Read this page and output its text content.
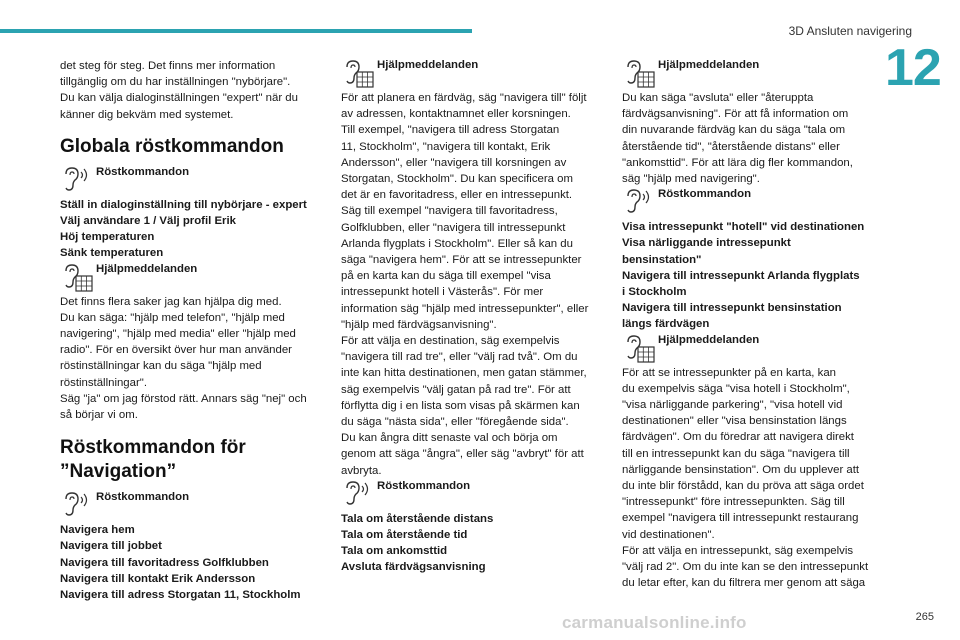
3D Ansluten navigering
12
det steg för steg. Det finns mer information
tillgänglig om du har inställningen "nybörjare".
Du kan välja dialoginställningen "expert" när du
känner dig bekväm med systemet.
Globala röstkommandon
Röstkommandon
Ställ in dialoginställning till nybörjare - expert
Välj användare 1 / Välj profil Erik
Höj temperaturen
Sänk temperaturen
Hjälpmeddelanden
Det finns flera saker jag kan hjälpa dig med.
Du kan säga: "hjälp med telefon", "hjälp med
navigering", "hjälp med media" eller "hjälp med
radio". För en översikt över hur man använder
röstinställningar kan du säga "hjälp med
röstinställningar".
Säg "ja" om jag förstod rätt. Annars säg "nej" och
så börjar vi om.
Röstkommandon för
”Navigation”
Röstkommandon
Navigera hem
Navigera till jobbet
Navigera till favoritadress Golfklubben
Navigera till kontakt Erik Andersson
Navigera till adress Storgatan 11, Stockholm
Hjälpmeddelanden
För att planera en färdväg, säg "navigera till" följt
av adressen, kontaktnamnet eller korsningen.
Till exempel, "navigera till adress Storgatan
11, Stockholm", "navigera till kontakt, Erik
Andersson", eller "navigera till korsningen av
Storgatan, Stockholm". Du kan specificera om
det är en favoritadress, eller en intressepunkt.
Säg till exempel "navigera till favoritadress,
Golfklubben, eller "navigera till intressepunkt
Arlanda flygplats i Stockholm". Eller så kan du
säga "navigera hem". För att se intressepunkter
på en karta kan du säga till exempel "visa
intressepunkt hotell i Västerås". För mer
information säg "hjälp med intressepunkter", eller
"hjälp med färdvägsanvisning".
För att välja en destination, säg exempelvis
"navigera till rad tre", eller "välj rad två". Om du
inte kan hitta destinationen, men gatan stämmer,
säg exempelvis "välj gatan på rad tre". För att
förflytta dig i en lista som visas på skärmen kan
du säga "nästa sida", eller "föregående sida".
Du kan ångra ditt senaste val och börja om
genom att säga "ångra", eller säg "avbryt" för att
avbryta.
Röstkommandon
Tala om återstående distans
Tala om återstående tid
Tala om ankomsttid
Avsluta färdvägsanvisning
Hjälpmeddelanden
Du kan säga "avsluta" eller "återuppta
färdvägsanvisning". För att få information om
din nuvarande färdväg kan du säga "tala om
återstående tid", "återstående distans" eller
"ankomsttid". För att lära dig fler kommandon,
säg "hjälp med navigering".
Röstkommandon
Visa intressepunkt "hotell" vid destinationen
Visa närliggande intressepunkt
bensinstation"
Navigera till intressepunkt Arlanda flygplats
i Stockholm
Navigera till intressepunkt bensinstation
längs färdvägen
Hjälpmeddelanden
För att se intressepunkter på en karta, kan
du exempelvis säga "visa hotell i Stockholm",
"visa närliggande parkering", "visa hotell vid
destinationen" eller "visa bensinstation längs
färdvägen". Om du föredrar att navigera direkt
till en intressepunkt kan du säga "navigera till
närliggande bensinstation". Om du upplever att
du inte blir förstådd, kan du pröva att säga ordet
"intressepunkt" före intressepunkten. Säg till
exempel "navigera till intressepunkt restaurang
vid destinationen".
För att välja en intressepunkt, säg exempelvis
"välj rad 2". Om du inte kan se den intressepunkt
du letar efter, kan du filtrera mer genom att säga
carmanualsonline.info	265
